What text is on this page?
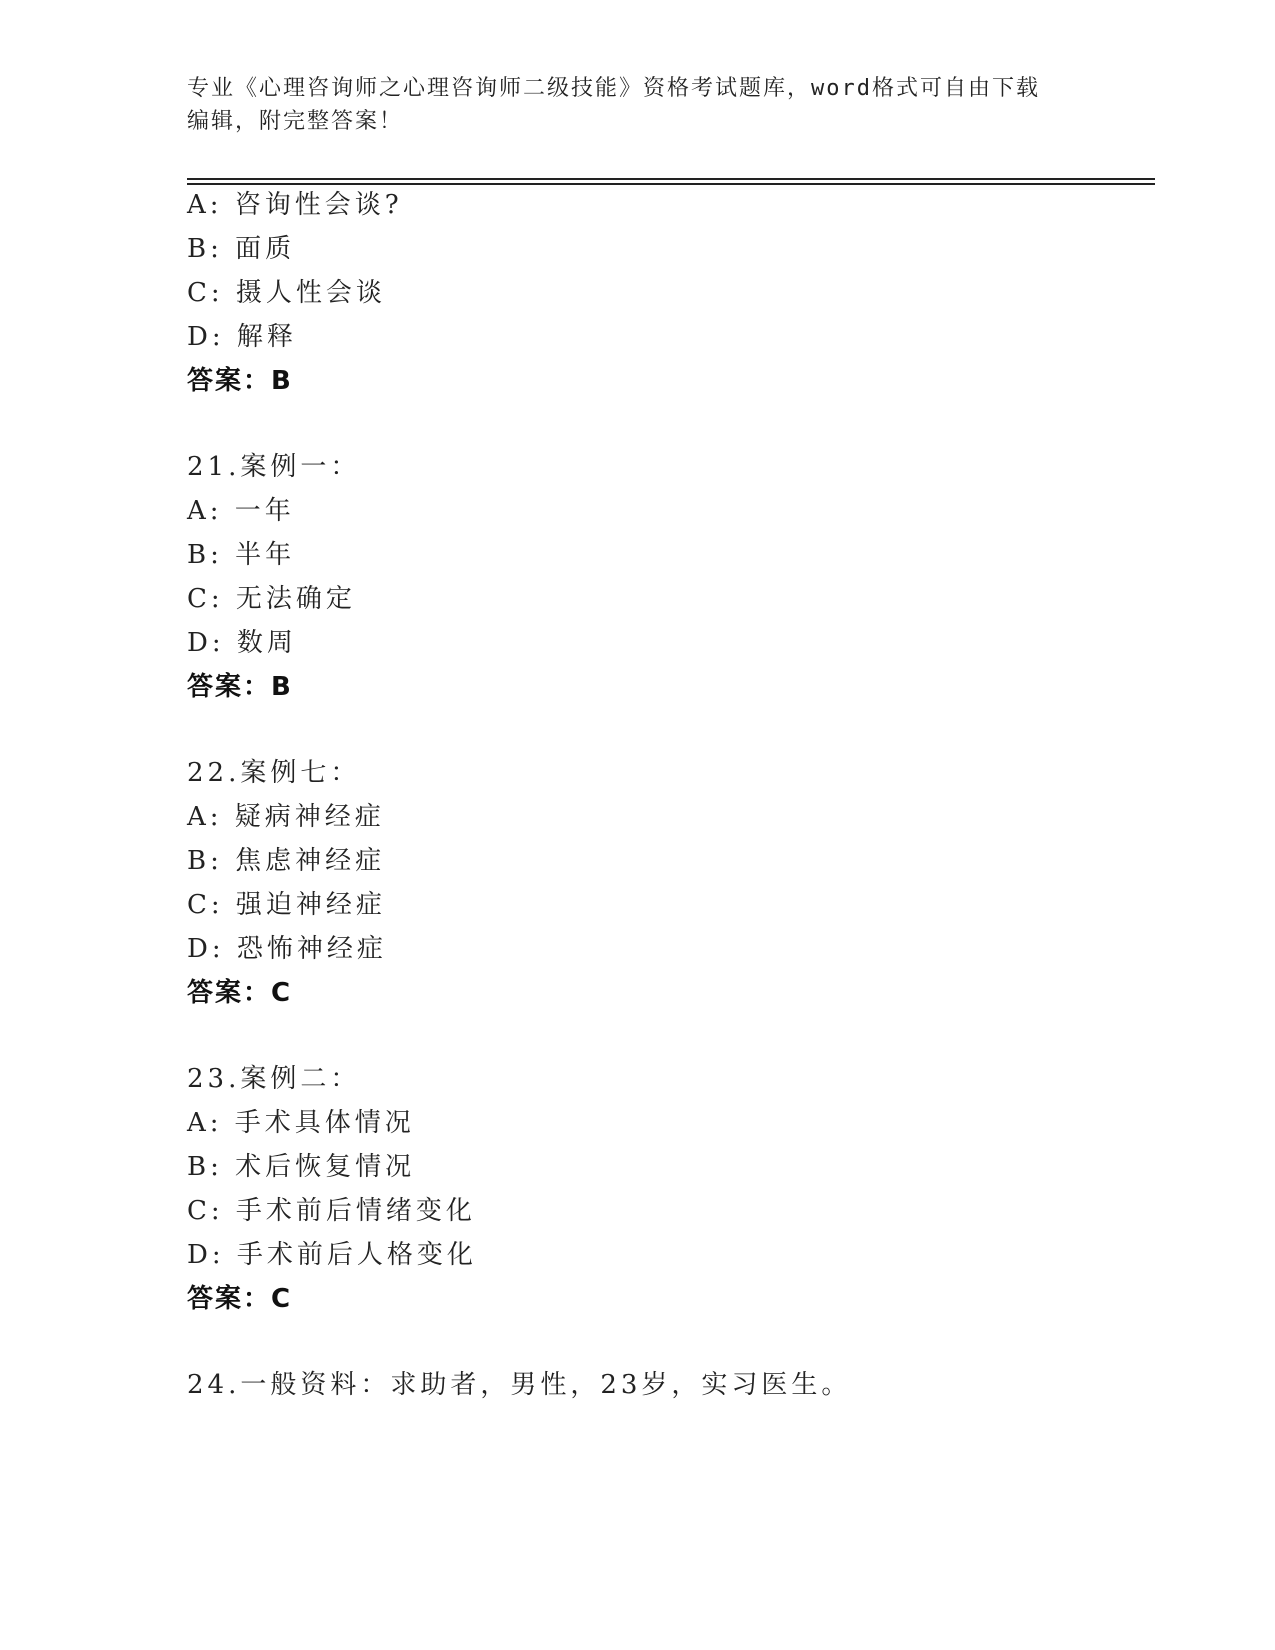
专业《心理咨询师之心理咨询师二级技能》资格考试题库，word格式可自由下载
编辑，附完整答案！
A: 咨询性会谈?
B: 面质
C: 摄人性会谈
D: 解释
答案：B
21.案例一：
A: 一年
B: 半年
C: 无法确定
D: 数周
答案：B
22.案例七：
A: 疑病神经症
B: 焦虑神经症
C: 强迫神经症
D: 恐怖神经症
答案：C
23.案例二：
A: 手术具体情况
B: 术后恢复情况
C: 手术前后情绪变化
D: 手术前后人格变化
答案：C
24.一般资料：求助者，男性，23岁，实习医生。
